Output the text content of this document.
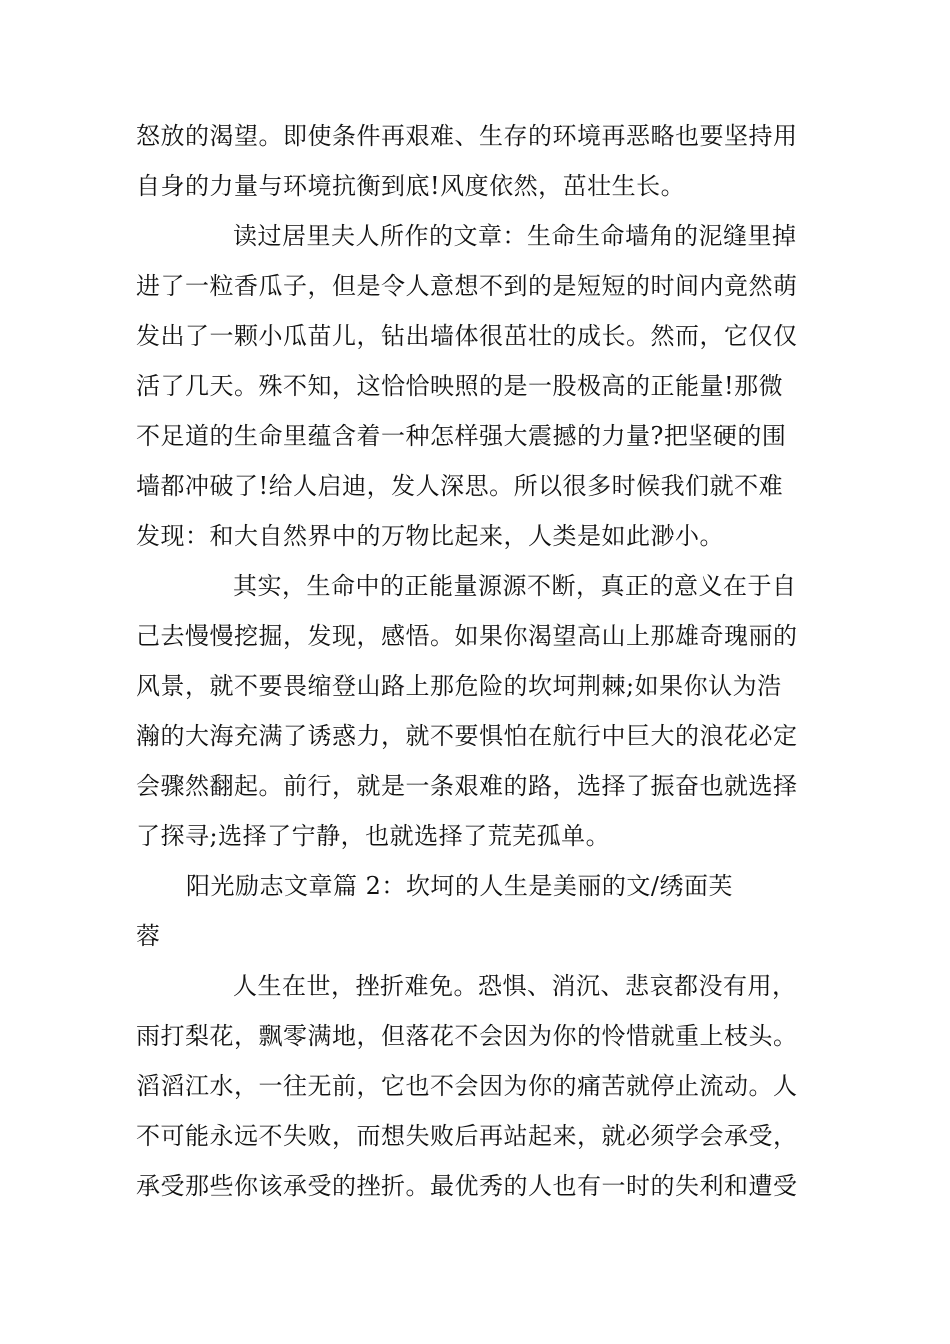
怒放的渴望。即使条件再艰难、生存的环境再恶略也要坚持用
自身的力量与环境抗衡到底!风度依然，茁壮生长。
读过居里夫人所作的文章：生命生命墙角的泥缝里掉
进了一粒香瓜子，但是令人意想不到的是短短的时间内竟然萌
发出了一颗小瓜苗儿，钻出墙体很茁壮的成长。然而，它仅仅
活了几天。殊不知，这恰恰映照的是一股极高的正能量!那微
不足道的生命里蕴含着一种怎样强大震撼的力量?把坚硬的围
墙都冲破了!给人启迪，发人深思。所以很多时候我们就不难
发现：和大自然界中的万物比起来，人类是如此渺小。
其实，生命中的正能量源源不断，真正的意义在于自
己去慢慢挖掘，发现，感悟。如果你渴望高山上那雄奇瑰丽的
风景，就不要畏缩登山路上那危险的坎坷荆棘;如果你认为浩
瀚的大海充满了诱惑力，就不要惧怕在航行中巨大的浪花必定
会骤然翻起。前行，就是一条艰难的路，选择了振奋也就选择
了探寻;选择了宁静，也就选择了荒芜孤单。
阳光励志文章篇 2：坎坷的人生是美丽的文/绣面芙
蓉
人生在世，挫折难免。恐惧、消沉、悲哀都没有用，
雨打梨花，飘零满地，但落花不会因为你的怜惜就重上枝头。
滔滔江水，一往无前，它也不会因为你的痛苦就停止流动。人
不可能永远不失败，而想失败后再站起来，就必须学会承受，
承受那些你该承受的挫折。最优秀的人也有一时的失利和遭受
